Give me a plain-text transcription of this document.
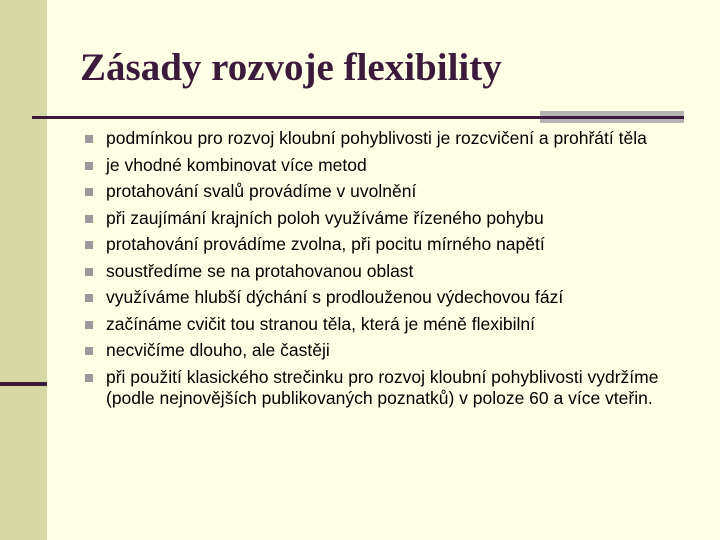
Zásady rozvoje flexibility
podmínkou pro rozvoj kloubní pohyblivosti je rozcvičení a prohřátí těla
je vhodné kombinovat více metod
protahování svalů provádíme v uvolnění
při zaujímání krajních poloh využíváme řízeného pohybu
protahování provádíme zvolna, při pocitu mírného napětí
soustředíme se na protahovanou oblast
využíváme hlubší dýchání s prodlouženou výdechovou fází
začínáme cvičit tou stranou těla, která je méně flexibilní
necvičíme dlouho, ale častěji
při použití klasického strečinku pro rozvoj kloubní pohyblivosti vydržíme (podle nejnovějších publikovaných poznatků) v poloze 60 a více vteřin.
